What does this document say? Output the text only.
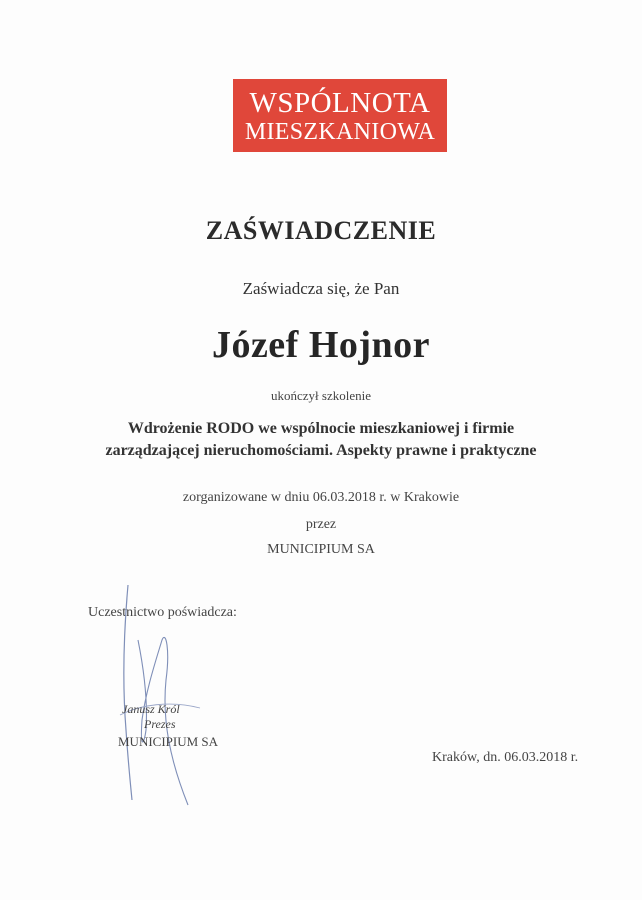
WSPÓLNOTA
MIESZKANIOWA
ZAŚWIADCZENIE
Zaświadcza się, że Pan
Józef Hojnor
ukończył szkolenie
Wdrożenie RODO we wspólnocie mieszkaniowej i firmie
zarządzającej nieruchomościami. Aspekty prawne i praktyczne
zorganizowane w dniu 06.03.2018 r. w Krakowie
przez
MUNICIPIUM SA
Uczestnictwo poświadcza:
Janusz Król
Prezes
MUNICIPIUM SA
Kraków, dn. 06.03.2018 r.
